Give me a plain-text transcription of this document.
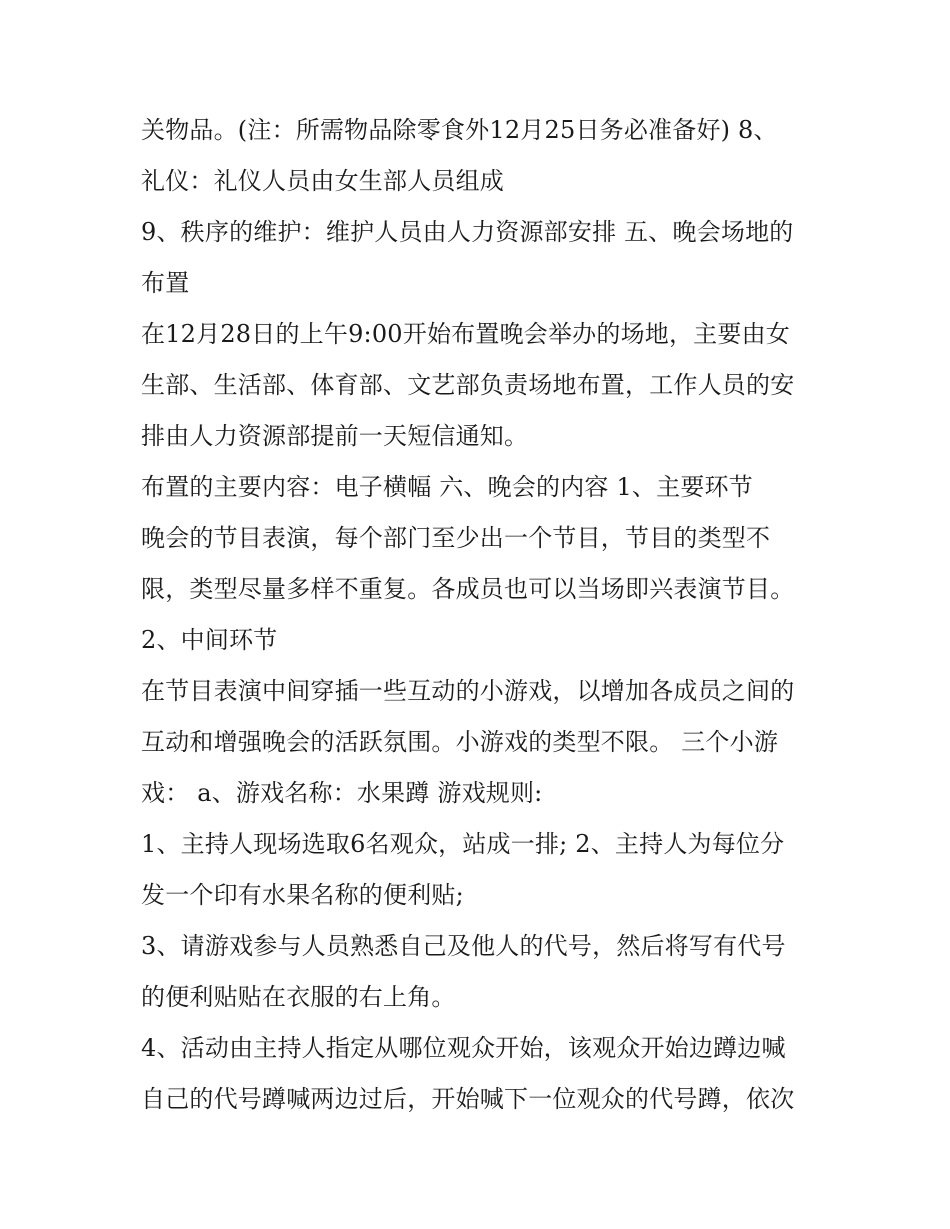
关物品。(注：所需物品除零食外12月25日务必准备好) 8、
礼仪：礼仪人员由女生部人员组成
9、秩序的维护：维护人员由人力资源部安排 五、晚会场地的
布置
在12月28日的上午9:00开始布置晚会举办的场地，主要由女
生部、生活部、体育部、文艺部负责场地布置，工作人员的安
排由人力资源部提前一天短信通知。
布置的主要内容：电子横幅 六、晚会的内容 1、主要环节
晚会的节目表演，每个部门至少出一个节目，节目的类型不
限，类型尽量多样不重复。各成员也可以当场即兴表演节目。
2、中间环节
在节目表演中间穿插一些互动的小游戏，以增加各成员之间的
互动和增强晚会的活跃氛围。小游戏的类型不限。 三个小游
戏： a、游戏名称：水果蹲 游戏规则:
1、主持人现场选取6名观众，站成一排; 2、主持人为每位分
发一个印有水果名称的便利贴;
3、请游戏参与人员熟悉自己及他人的代号，然后将写有代号
的便利贴贴在衣服的右上角。
4、活动由主持人指定从哪位观众开始，该观众开始边蹲边喊
自己的代号蹲喊两边过后，开始喊下一位观众的代号蹲，依次
